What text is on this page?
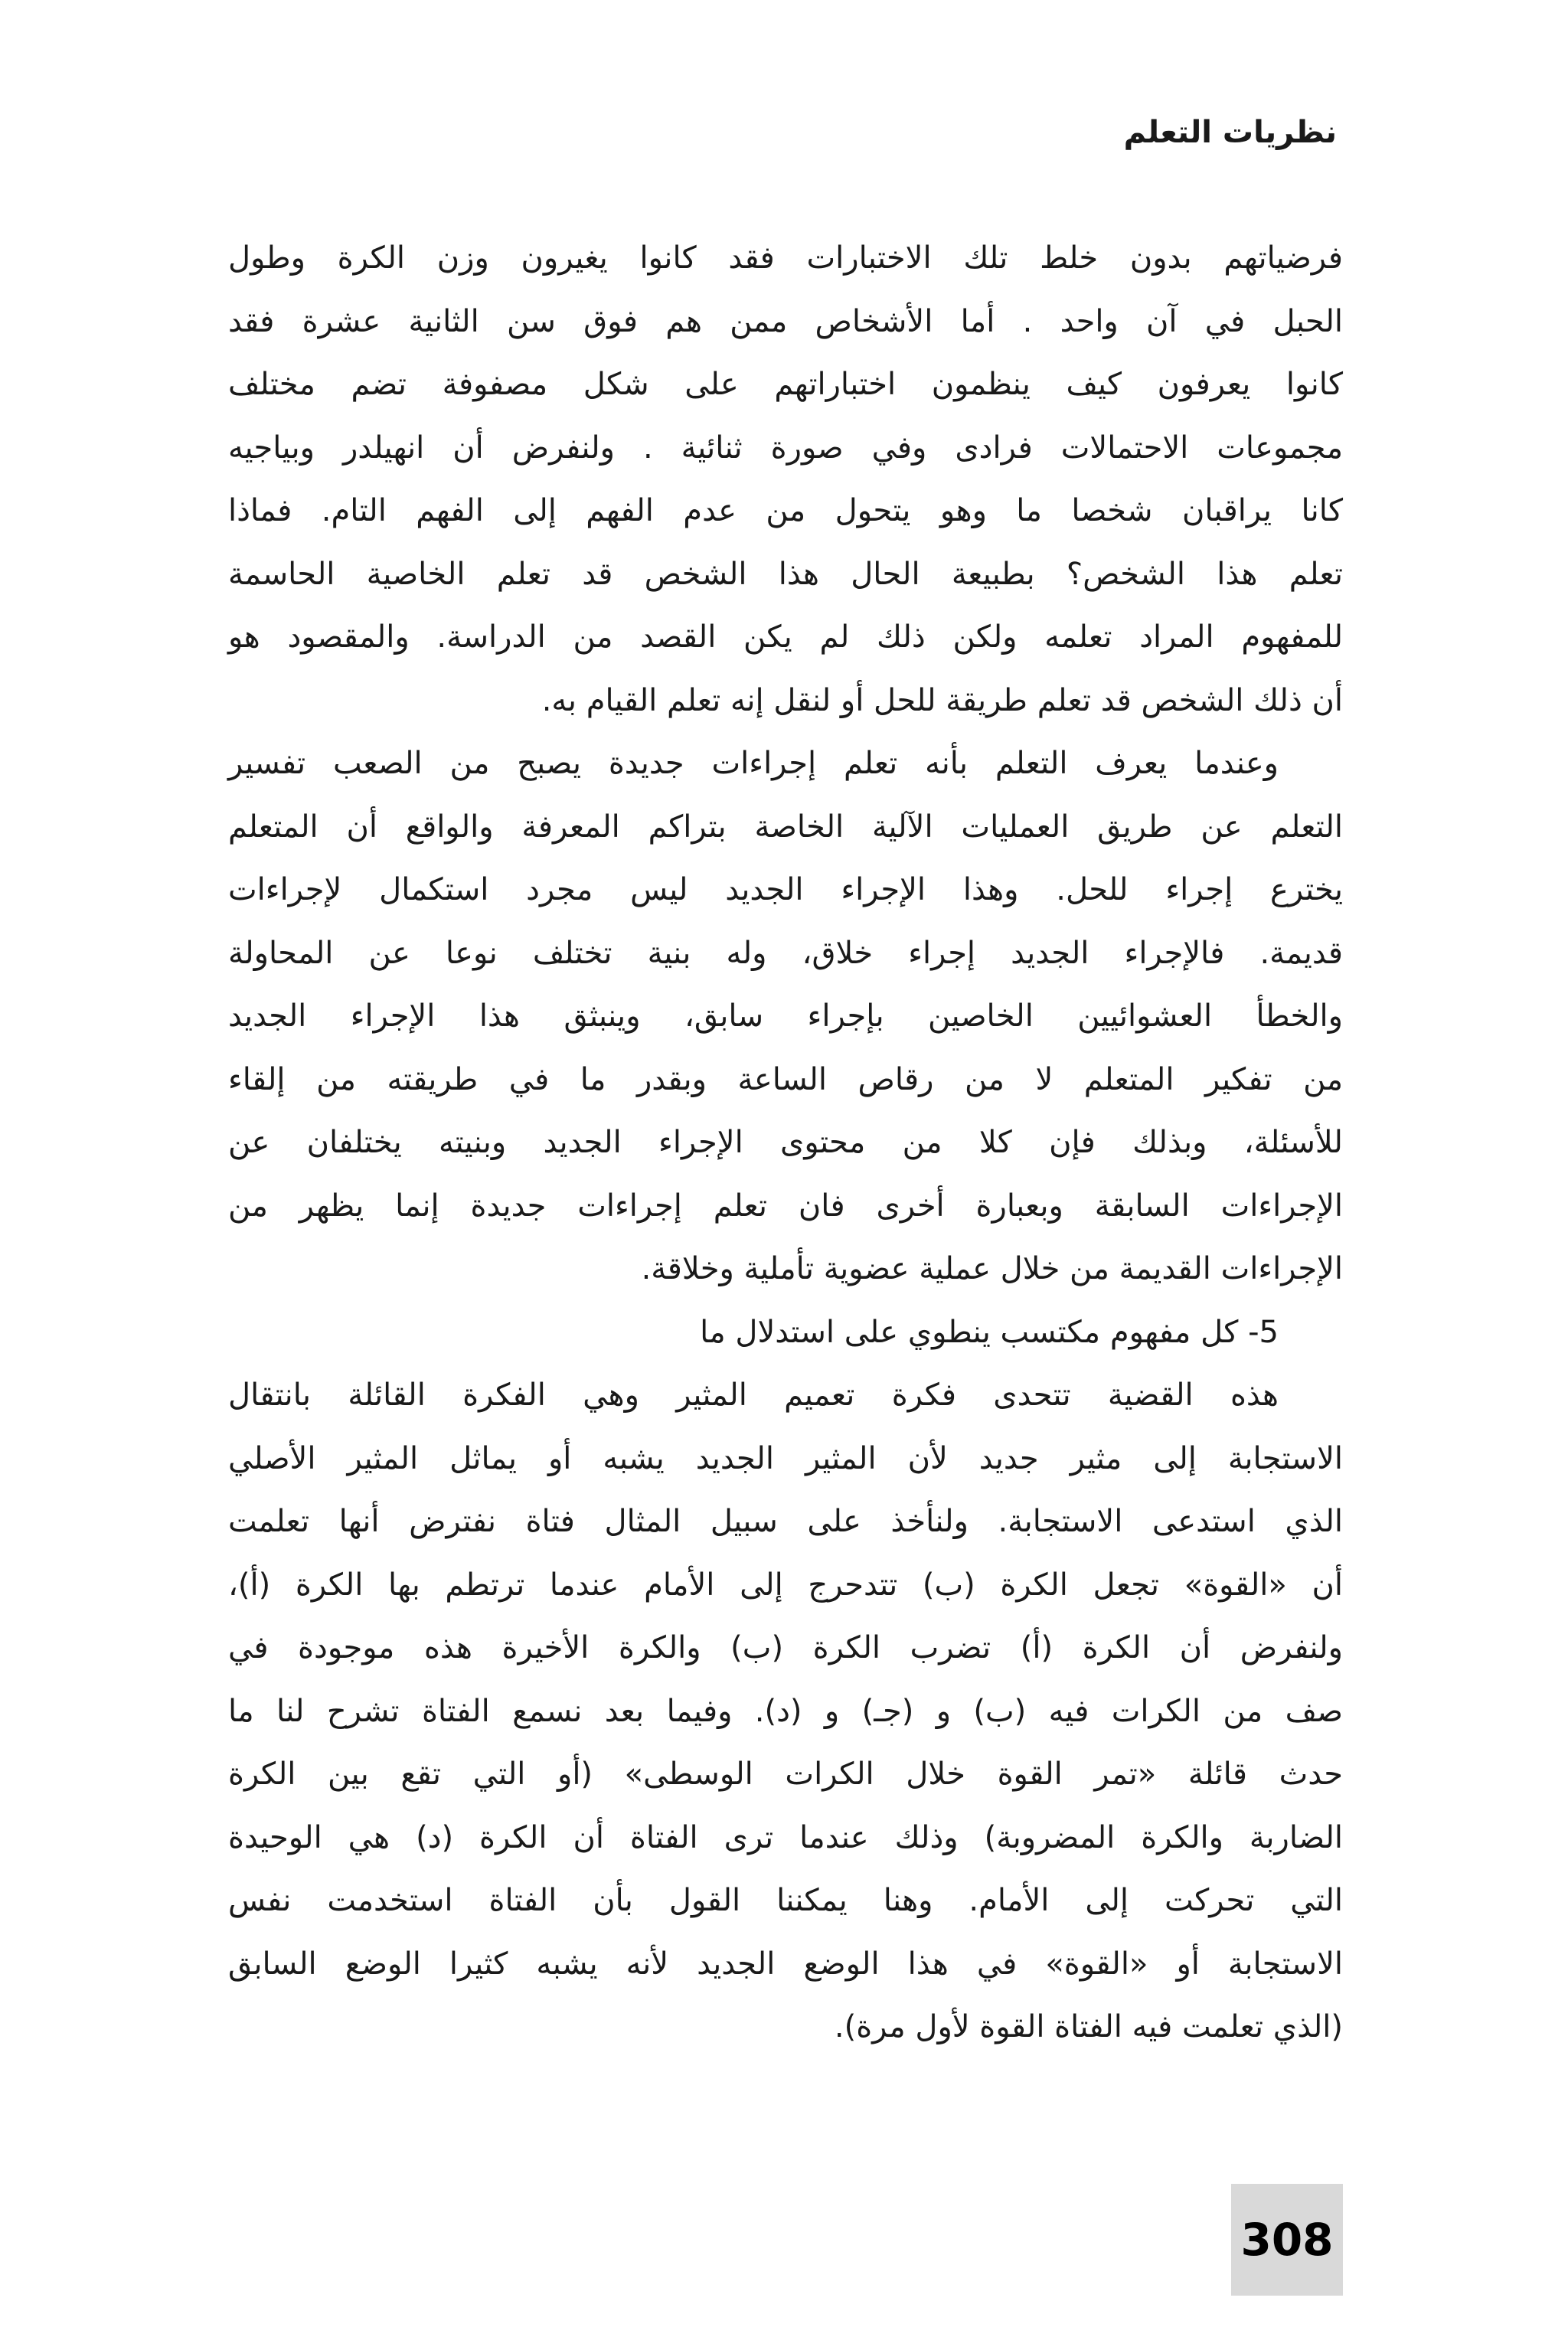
نظريات التعلم
فرضياتهم بدون خلط تلك الاختبارات فقد كانوا يغيرون وزن الكرة وطول
الحبل في آن واحد . أما الأشخاص ممن هم فوق سن الثانية عشرة فقد
كانوا يعرفون كيف ينظمون اختباراتهم على شكل مصفوفة تضم مختلف
مجموعات الاحتمالات فرادى وفي صورة ثنائية . ولنفرض أن انهيلدر وبياجيه
كانا يراقبان شخصا ما وهو يتحول من عدم الفهم إلى الفهم التام. فماذا
تعلم هذا الشخص؟ بطبيعة الحال هذا الشخص قد تعلم الخاصية الحاسمة
للمفهوم المراد تعلمه ولكن ذلك لم يكن القصد من الدراسة. والمقصود هو
أن ذلك الشخص قد تعلم طريقة للحل أو لنقل إنه تعلم القيام به.
وعندما يعرف التعلم بأنه تعلم إجراءات جديدة يصبح من الصعب تفسير
التعلم عن طريق العمليات الآلية الخاصة بتراكم المعرفة والواقع أن المتعلم
يخترع إجراء للحل. وهذا الإجراء الجديد ليس مجرد استكمال لإجراءات
قديمة. فالإجراء الجديد إجراء خلاق، وله بنية تختلف نوعا عن المحاولة
والخطأ العشوائيين الخاصين بإجراء سابق، وينبثق هذا الإجراء الجديد
من تفكير المتعلم لا من رقاص الساعة وبقدر ما في طريقته من إلقاء
للأسئلة، وبذلك فإن كلا من محتوى الإجراء الجديد وبنيته يختلفان عن
الإجراءات السابقة وبعبارة أخرى فان تعلم إجراءات جديدة إنما يظهر من
الإجراءات القديمة من خلال عملية عضوية تأملية وخلاقة.
5- كل مفهوم مكتسب ينطوي على استدلال ما
هذه القضية تتحدى فكرة تعميم المثير وهي الفكرة القائلة بانتقال
الاستجابة إلى مثير جديد لأن المثير الجديد يشبه أو يماثل المثير الأصلي
الذي استدعى الاستجابة. ولنأخذ على سبيل المثال فتاة نفترض أنها تعلمت
أن «القوة» تجعل الكرة (ب) تتدحرج إلى الأمام عندما ترتطم بها الكرة (أ)،
ولنفرض أن الكرة (أ) تضرب الكرة (ب) والكرة الأخيرة هذه موجودة في
صف من الكرات فيه (ب) و (جـ) و (د). وفيما بعد نسمع الفتاة تشرح لنا ما
حدث قائلة «تمر القوة خلال الكرات الوسطى» (أو التي تقع بين الكرة
الضاربة والكرة المضروبة) وذلك عندما ترى الفتاة أن الكرة (د) هي الوحيدة
التي تحركت إلى الأمام. وهنا يمكننا القول بأن الفتاة استخدمت نفس
الاستجابة أو «القوة» في هذا الوضع الجديد لأنه يشبه كثيرا الوضع السابق
(الذي تعلمت فيه الفتاة القوة لأول مرة).
308
